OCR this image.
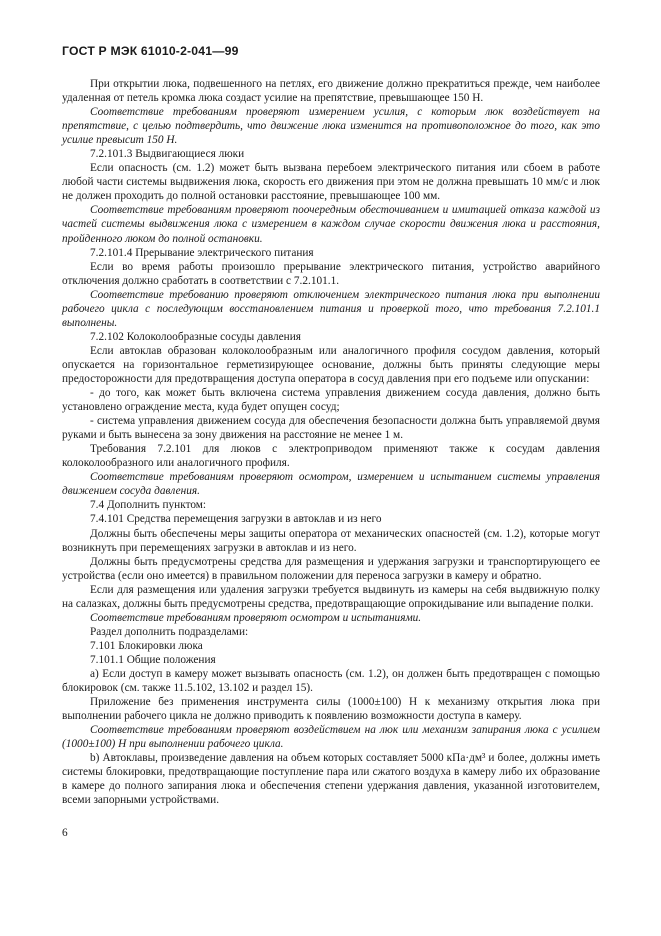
ГОСТ Р МЭК 61010-2-041—99

При открытии люка, подвешенного на петлях, его движение должно прекратиться прежде, чем наиболее удаленная от петель кромка люка создаст усилие на препятствие, превышающее 150 Н.

Соответствие требованиям проверяют измерением усилия, с которым люк воздействует на препятствие, с целью подтвердить, что движение люка изменится на противоположное до того, как это усилие превысит 150 Н.

7.2.101.3 Выдвигающиеся люки

Если опасность (см. 1.2) может быть вызвана перебоем электрического питания или сбоем в работе любой части системы выдвижения люка, скорость его движения при этом не должна превышать 10 мм/с и люк не должен проходить до полной остановки расстояние, превышающее 100 мм.

Соответствие требованиям проверяют поочередным обесточиванием и имитацией отказа каждой из частей системы выдвижения люка с измерением в каждом случае скорости движения люка и расстояния, пройденного люком до полной остановки.

7.2.101.4 Прерывание электрического питания

Если во время работы произошло прерывание электрического питания, устройство аварийного отключения должно сработать в соответствии с 7.2.101.1.

Соответствие требованию проверяют отключением электрического питания люка при выполнении рабочего цикла с последующим восстановлением питания и проверкой того, что требования 7.2.101.1 выполнены.

7.2.102 Колоколообразные сосуды давления

Если автоклав образован колоколообразным или аналогичного профиля сосудом давления, который опускается на горизонтальное герметизирующее основание, должны быть приняты следующие меры предосторожности для предотвращения доступа оператора в сосуд давления при его подъеме или опускании:

- до того, как может быть включена система управления движением сосуда давления, должно быть установлено ограждение места, куда будет опущен сосуд;

- система управления движением сосуда для обеспечения безопасности должна быть управляемой двумя руками и быть вынесена за зону движения на расстояние не менее 1 м.

Требования 7.2.101 для люков с электроприводом применяют также к сосудам давления колоколообразного или аналогичного профиля.

Соответствие требованиям проверяют осмотром, измерением и испытанием системы управления движением сосуда давления.

7.4 Дополнить пунктом:

7.4.101 Средства перемещения загрузки в автоклав и из него

Должны быть обеспечены меры защиты оператора от механических опасностей (см. 1.2), которые могут возникнуть при перемещениях загрузки в автоклав и из него.

Должны быть предусмотрены средства для размещения и удержания загрузки и транспортирующего ее устройства (если оно имеется) в правильном положении для переноса загрузки в камеру и обратно.

Если для размещения или удаления загрузки требуется выдвинуть из камеры на себя выдвижную полку на салазках, должны быть предусмотрены средства, предотвращающие опрокидывание или выпадение полки.

Соответствие требованиям проверяют осмотром и испытаниями.

Раздел дополнить подразделами:

7.101 Блокировки люка

7.101.1 Общие положения

а) Если доступ в камеру может вызывать опасность (см. 1.2), он должен быть предотвращен с помощью блокировок (см. также 11.5.102, 13.102 и раздел 15).

Приложение без применения инструмента силы (1000±100) Н к механизму открытия люка при выполнении рабочего цикла не должно приводить к появлению возможности доступа в камеру.

Соответствие требованиям проверяют воздействием на люк или механизм запирания люка с усилием (1000±100) Н при выполнении рабочего цикла.

b) Автоклавы, произведение давления на объем которых составляет 5000 кПа·дм³ и более, должны иметь системы блокировки, предотвращающие поступление пара или сжатого воздуха в камеру либо их образование в камере до полного запирания люка и обеспечения степени удержания давления, указанной изготовителем, всеми запорными устройствами.

6
